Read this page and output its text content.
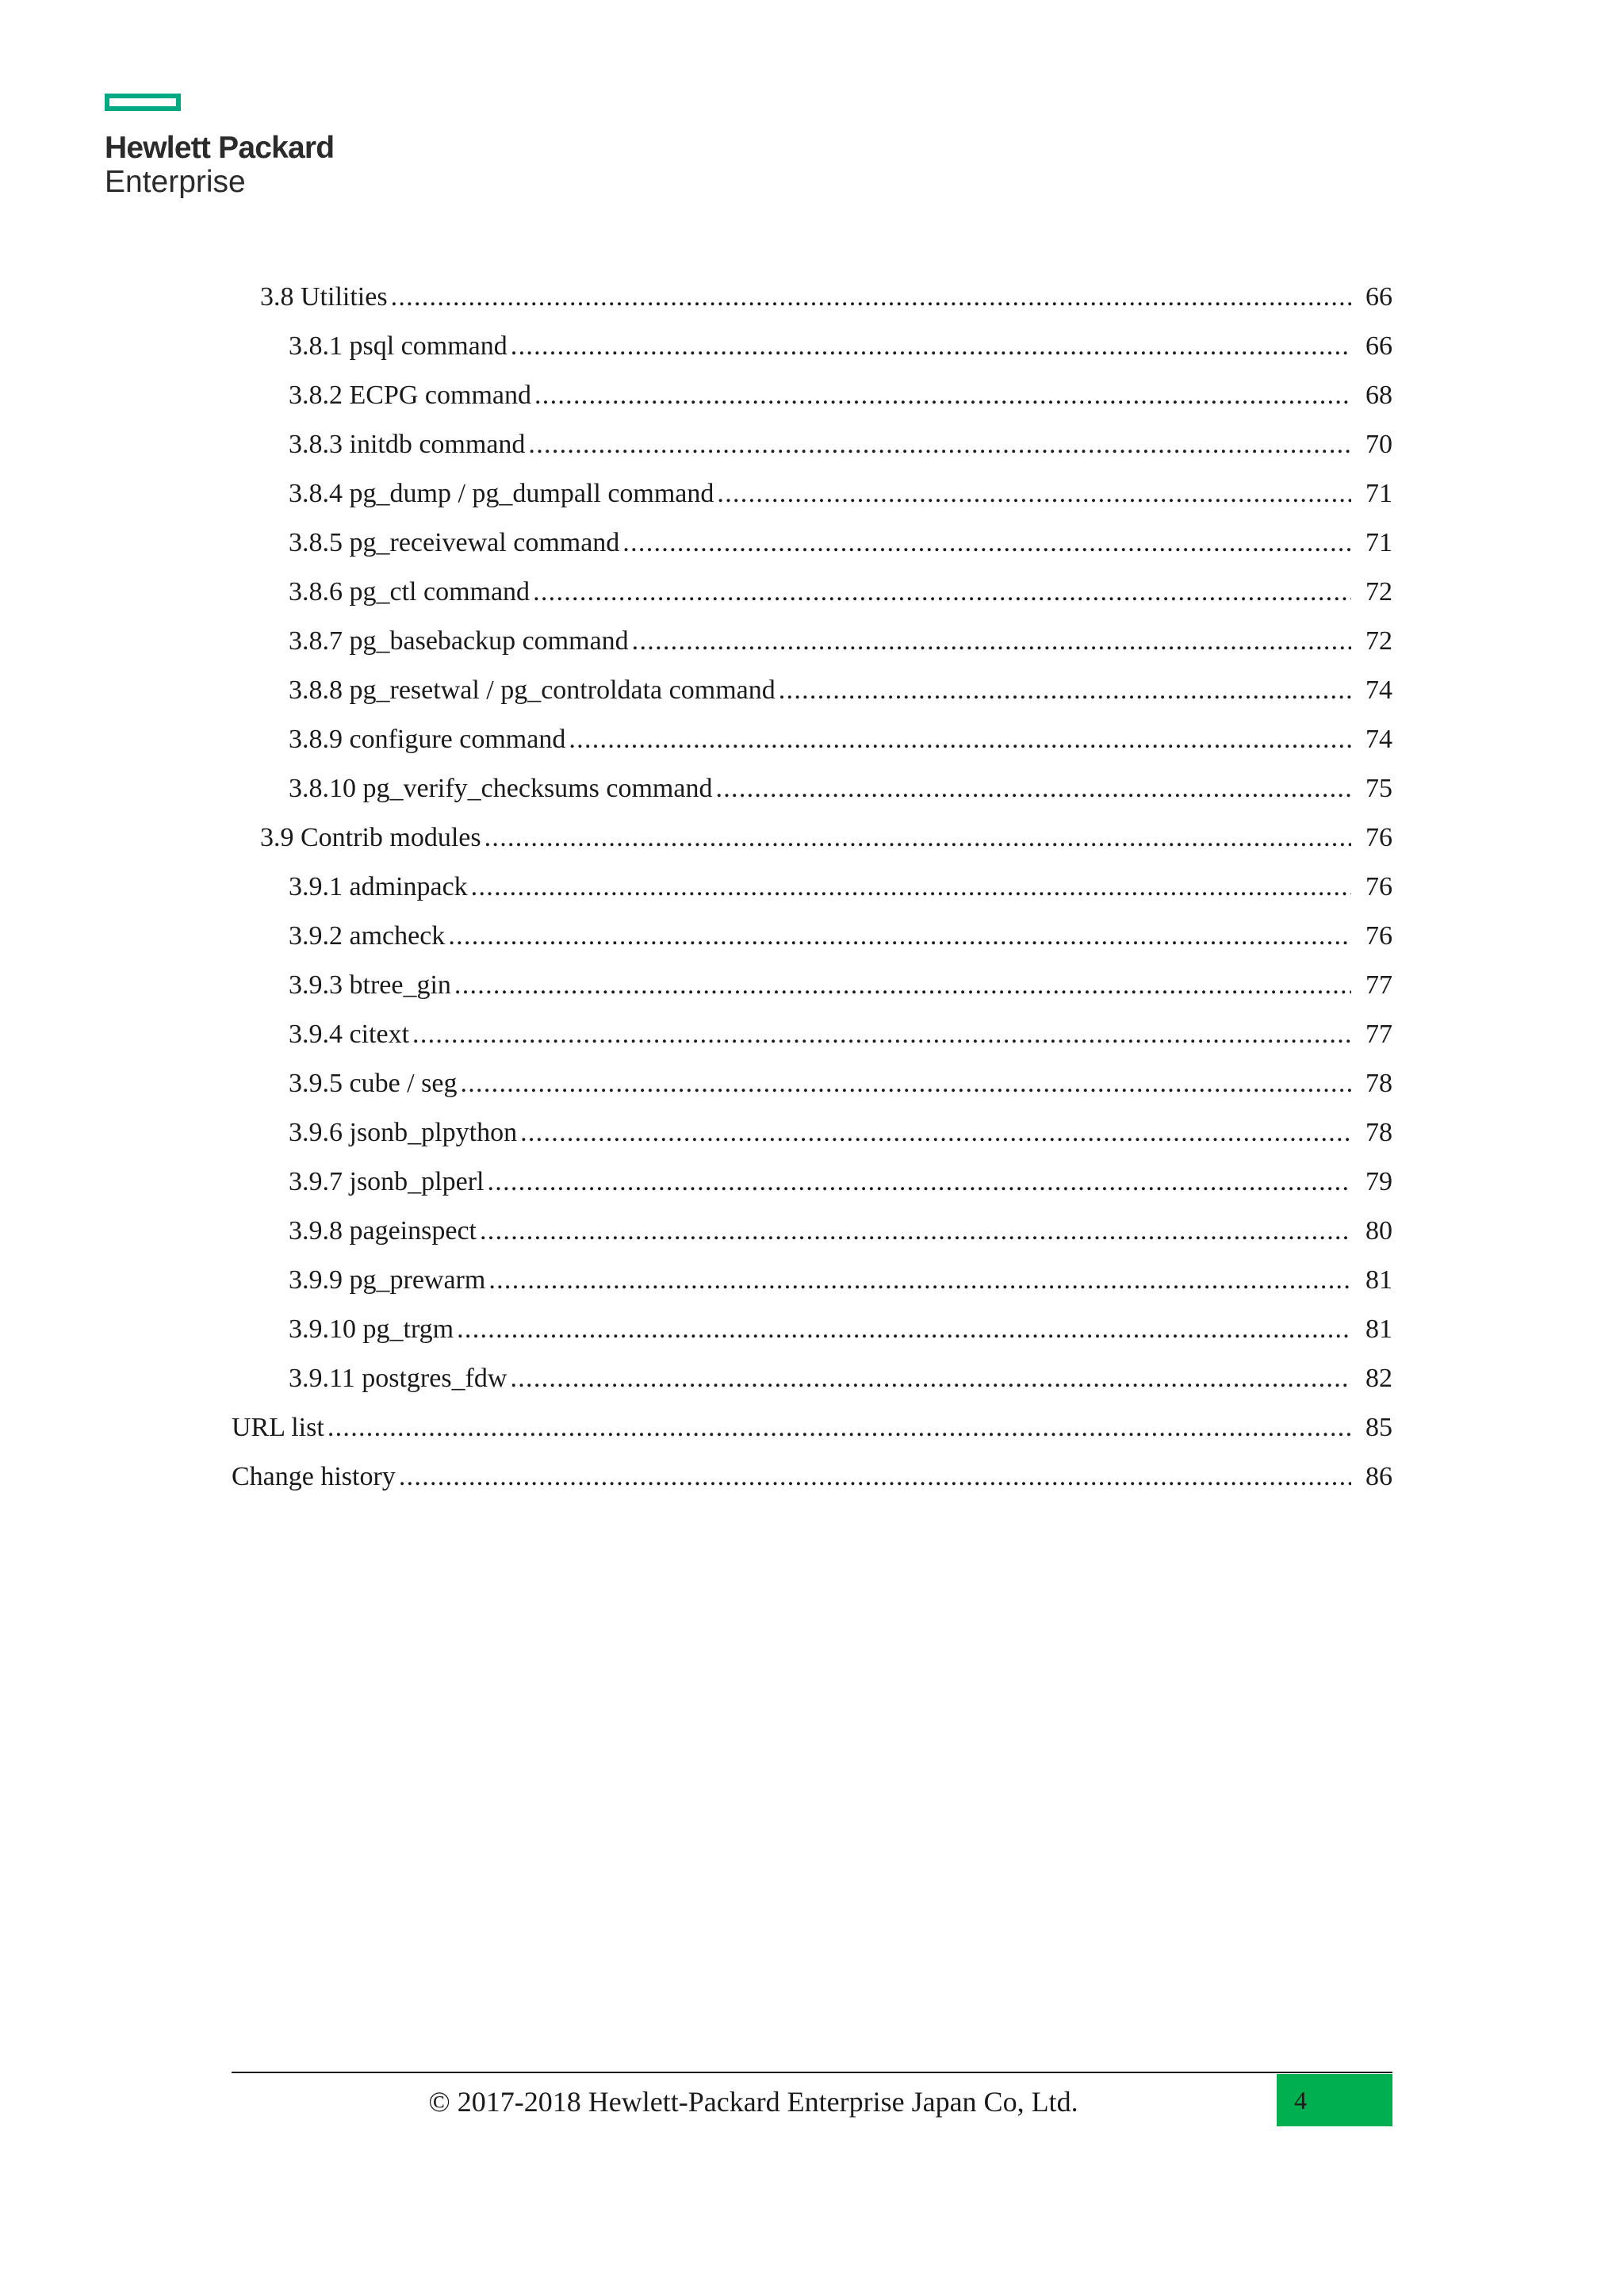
Hewlett Packard
Enterprise
3.8 Utilities .....	66
3.8.1 psql command .....	66
3.8.2 ECPG command .....	68
3.8.3 initdb command .....	70
3.8.4 pg_dump / pg_dumpall command .....	71
3.8.5 pg_receivewal command .....	71
3.8.6 pg_ctl command .....	72
3.8.7 pg_basebackup command .....	72
3.8.8 pg_resetwal / pg_controldata command .....	74
3.8.9 configure command .....	74
3.8.10 pg_verify_checksums command .....	75
3.9 Contrib modules .....	76
3.9.1 adminpack .....	76
3.9.2 amcheck .....	76
3.9.3 btree_gin .....	77
3.9.4 citext .....	77
3.9.5 cube / seg .....	78
3.9.6 jsonb_plpython .....	78
3.9.7 jsonb_plperl .....	79
3.9.8 pageinspect .....	80
3.9.9 pg_prewarm .....	81
3.9.10 pg_trgm .....	81
3.9.11 postgres_fdw .....	82
URL list .....	85
Change history .....	86
© 2017-2018 Hewlett-Packard Enterprise Japan Co, Ltd.	4
